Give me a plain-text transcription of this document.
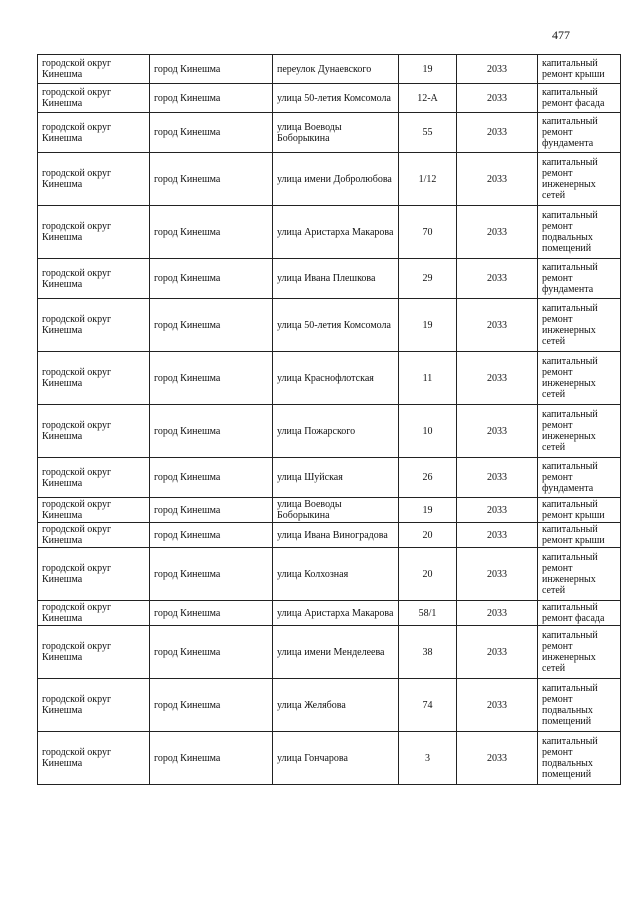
477
городской округ Кинешма	город Кинешма	переулок Дунаевского	19	2033	капитальный ремонт крыши
городской округ Кинешма	город Кинешма	улица 50-летия Комсомола	12-А	2033	капитальный ремонт фасада
городской округ Кинешма	город Кинешма	улица Воеводы Боборыкина	55	2033	капитальный ремонт фундамента
городской округ Кинешма	город Кинешма	улица имени Добролюбова	1/12	2033	капитальный ремонт инженерных сетей
городской округ Кинешма	город Кинешма	улица Аристарха Макарова	70	2033	капитальный ремонт подвальных помещений
городской округ Кинешма	город Кинешма	улица Ивана Плешкова	29	2033	капитальный ремонт фундамента
городской округ Кинешма	город Кинешма	улица 50-летия Комсомола	19	2033	капитальный ремонт инженерных сетей
городской округ Кинешма	город Кинешма	улица Краснофлотская	11	2033	капитальный ремонт инженерных сетей
городской округ Кинешма	город Кинешма	улица Пожарского	10	2033	капитальный ремонт инженерных сетей
городской округ Кинешма	город Кинешма	улица Шуйская	26	2033	капитальный ремонт фундамента
городской округ Кинешма	город Кинешма	улица Воеводы Боборыкина	19	2033	капитальный ремонт крыши
городской округ Кинешма	город Кинешма	улица Ивана Виноградова	20	2033	капитальный ремонт крыши
городской округ Кинешма	город Кинешма	улица Колхозная	20	2033	капитальный ремонт инженерных сетей
городской округ Кинешма	город Кинешма	улица Аристарха Макарова	58/1	2033	капитальный ремонт фасада
городской округ Кинешма	город Кинешма	улица имени Менделеева	38	2033	капитальный ремонт инженерных сетей
городской округ Кинешма	город Кинешма	улица Желябова	74	2033	капитальный ремонт подвальных помещений
городской округ Кинешма	город Кинешма	улица Гончарова	3	2033	капитальный ремонт подвальных помещений
